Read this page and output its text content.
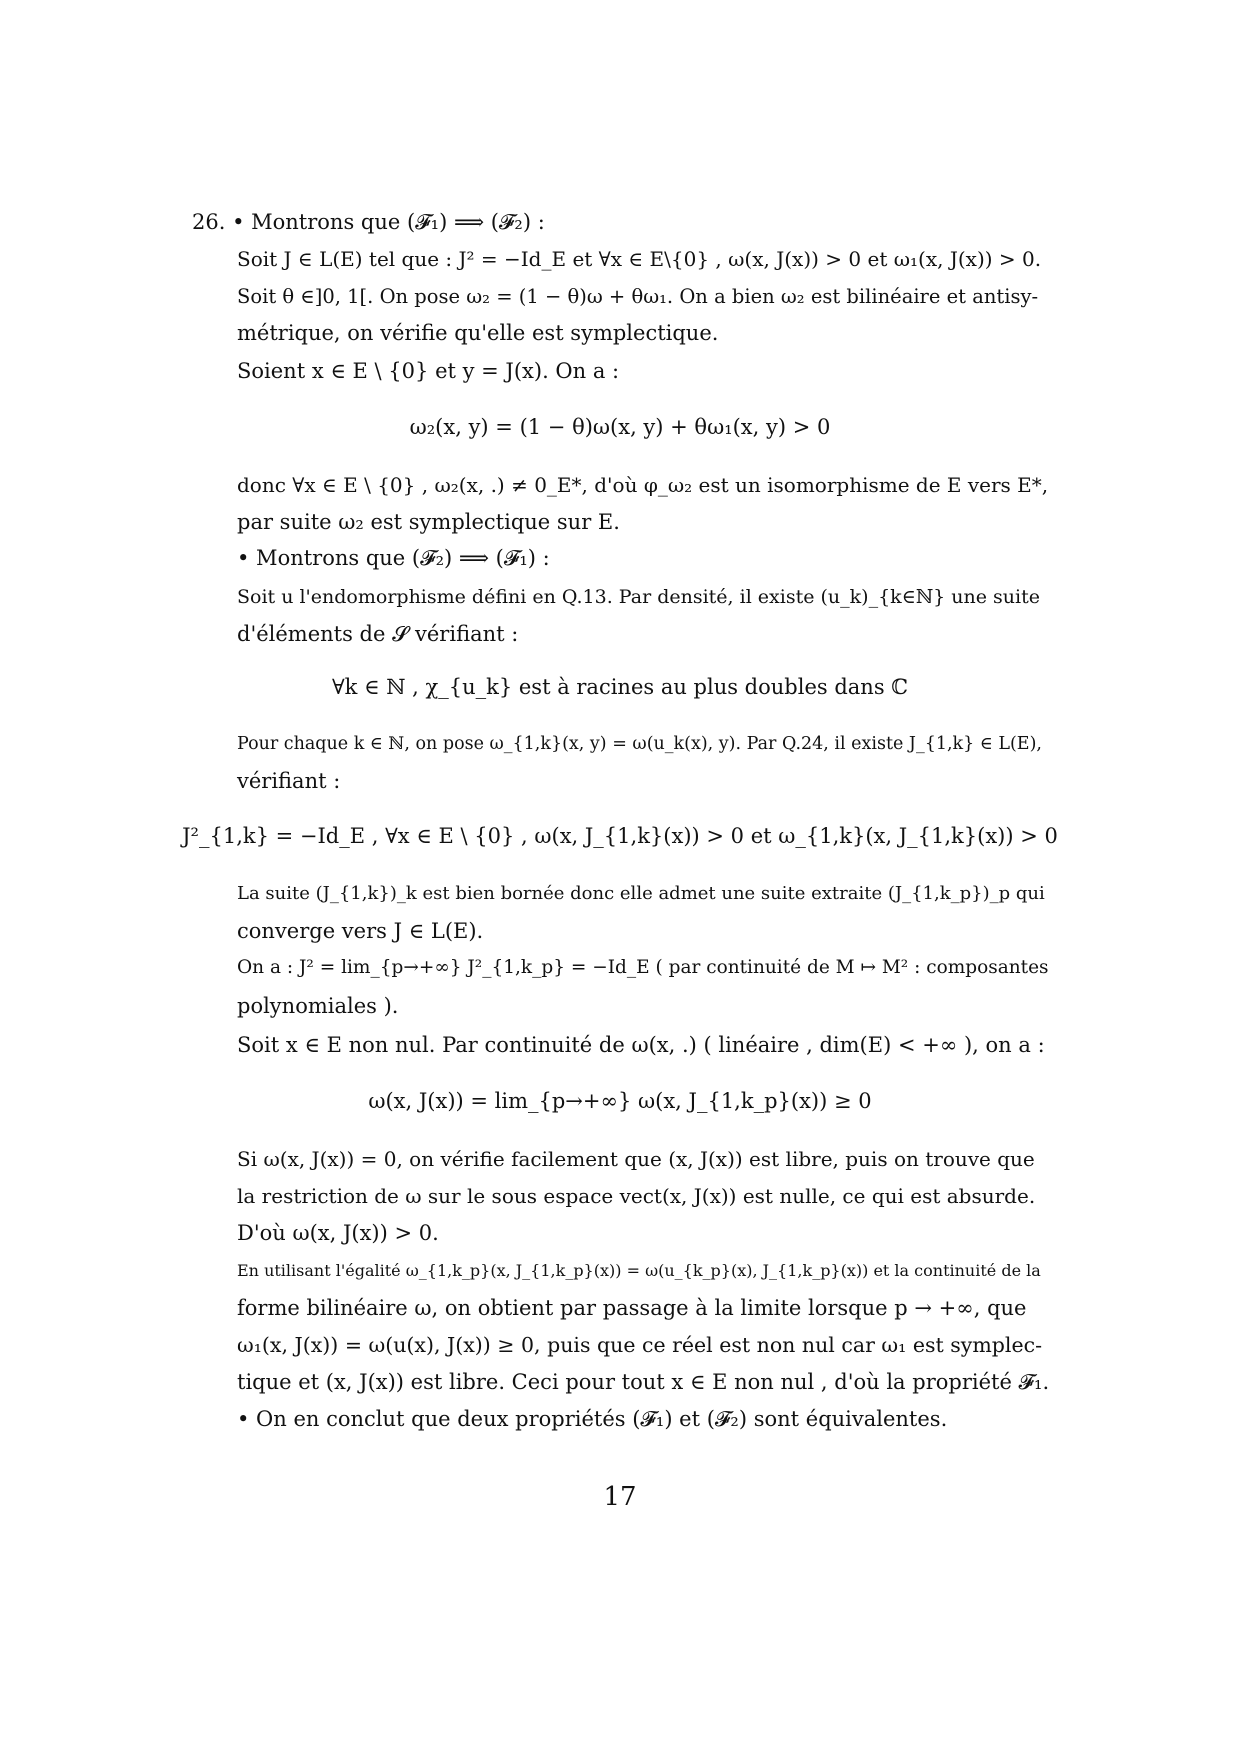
26. • Montrons que (𝓕₁) ⟹ (𝓕₂) :
Soit J ∈ L(E) tel que : J² = −Id_E et ∀x ∈ E\{0} , ω(x, J(x)) > 0 et ω₁(x, J(x)) > 0.
Soit θ ∈]0, 1[. On pose ω₂ = (1 − θ)ω + θω₁. On a bien ω₂ est bilinéaire et antisy-
métrique, on vérifie qu'elle est symplectique.
Soient x ∈ E \ {0} et y = J(x). On a :
ω₂(x, y) = (1 − θ)ω(x, y) + θω₁(x, y) > 0
donc ∀x ∈ E \ {0} , ω₂(x, .) ≠ 0_E*, d'où φ_ω₂ est un isomorphisme de E vers E*,
par suite ω₂ est symplectique sur E.
• Montrons que (𝓕₂) ⟹ (𝓕₁) :
Soit u l'endomorphisme défini en Q.13. Par densité, il existe (u_k)_{k∈ℕ} une suite
d'éléments de 𝓢 vérifiant :
∀k ∈ ℕ , χ_{u_k} est à racines au plus doubles dans ℂ
Pour chaque k ∈ ℕ, on pose ω_{1,k}(x, y) = ω(u_k(x), y). Par Q.24, il existe J_{1,k} ∈ L(E),
vérifiant :
J²_{1,k} = −Id_E , ∀x ∈ E \ {0} , ω(x, J_{1,k}(x)) > 0 et ω_{1,k}(x, J_{1,k}(x)) > 0
La suite (J_{1,k})_k est bien bornée donc elle admet une suite extraite (J_{1,k_p})_p qui
converge vers J ∈ L(E).
On a : J² = lim_{p→+∞} J²_{1,k_p} = −Id_E ( par continuité de M ↦ M² : composantes
polynomiales ).
Soit x ∈ E non nul. Par continuité de ω(x, .) ( linéaire , dim(E) < +∞ ), on a :
ω(x, J(x)) = lim_{p→+∞} ω(x, J_{1,k_p}(x)) ≥ 0
Si ω(x, J(x)) = 0, on vérifie facilement que (x, J(x)) est libre, puis on trouve que
la restriction de ω sur le sous espace vect(x, J(x)) est nulle, ce qui est absurde.
D'où ω(x, J(x)) > 0.
En utilisant l'égalité ω_{1,k_p}(x, J_{1,k_p}(x)) = ω(u_{k_p}(x), J_{1,k_p}(x)) et la continuité de la
forme bilinéaire ω, on obtient par passage à la limite lorsque p → +∞, que
ω₁(x, J(x)) = ω(u(x), J(x)) ≥ 0, puis que ce réel est non nul car ω₁ est symplec-
tique et (x, J(x)) est libre. Ceci pour tout x ∈ E non nul , d'où la propriété 𝓕₁.
• On en conclut que deux propriétés (𝓕₁) et (𝓕₂) sont équivalentes.
17
